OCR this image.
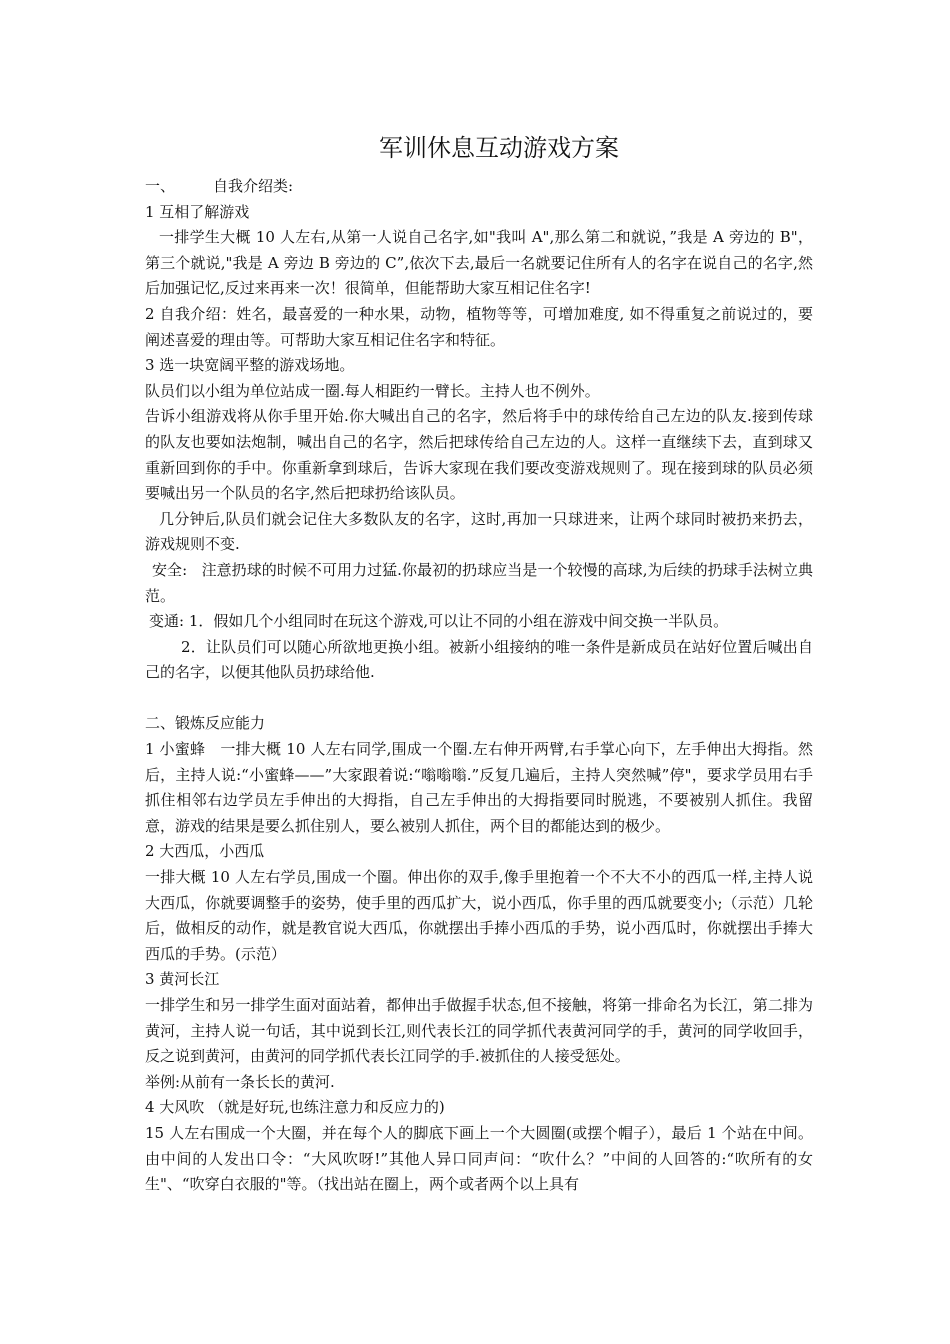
军训休息互动游戏方案
一、	自我介绍类:

1 互相了解游戏

一排学生大概 10 人左右,从第一人说自己名字,如"我叫 A",那么第二和就说，”我是 A 旁边的 B"，第三个就说,"我是 A 旁边 B 旁边的 C”,依次下去,最后一名就要记住所有人的名字在说自己的名字,然后加强记忆,反过来再来一次！很简单，但能帮助大家互相记住名字!

2 自我介绍：姓名，最喜爱的一种水果，动物，植物等等，可增加难度, 如不得重复之前说过的，要阐述喜爱的理由等。可帮助大家互相记住名字和特征。

3 选一块宽阔平整的游戏场地。

队员们以小组为单位站成一圈.每人相距约一臂长。主持人也不例外。

告诉小组游戏将从你手里开始.你大喊出自己的名字，然后将手中的球传给自己左边的队友.接到传球的队友也要如法炮制，喊出自己的名字，然后把球传给自己左边的人。这样一直继续下去，直到球又重新回到你的手中。你重新拿到球后，告诉大家现在我们要改变游戏规则了。现在接到球的队员必须要喊出另一个队员的名字,然后把球扔给该队员。

几分钟后,队员们就会记住大多数队友的名字，这时,再加一只球进来，让两个球同时被扔来扔去，游戏规则不变.

安全:   注意扔球的时候不可用力过猛.你最初的扔球应当是一个较慢的高球,为后续的扔球手法树立典范。

变通: 1．假如几个小组同时在玩这个游戏,可以让不同的小组在游戏中间交换一半队员。

2．让队员们可以随心所欲地更换小组。被新小组接纳的唯一条件是新成员在站好位置后喊出自己的名字，以便其他队员扔球给他.

二、锻炼反应能力

1 小蜜蜂   一排大概 10 人左右同学,围成一个圈.左右伸开两臂,右手掌心向下，左手伸出大拇指。然后，主持人说:“小蜜蜂——”大家跟着说:“嗡嗡嗡.”反复几遍后，主持人突然喊”停"，要求学员用右手抓住相邻右边学员左手伸出的大拇指，自己左手伸出的大拇指要同时脱逃，不要被别人抓住。我留意，游戏的结果是要么抓住别人，要么被别人抓住，两个目的都能达到的极少。

2 大西瓜，小西瓜

一排大概 10 人左右学员,围成一个圈。伸出你的双手,像手里抱着一个不大不小的西瓜一样,主持人说大西瓜，你就要调整手的姿势，使手里的西瓜扩大，说小西瓜，你手里的西瓜就要变小;（示范）几轮后，做相反的动作，就是教官说大西瓜，你就摆出手捧小西瓜的手势，说小西瓜时，你就摆出手捧大西瓜的手势。(示范）

3 黄河长江

一排学生和另一排学生面对面站着，都伸出手做握手状态,但不接触，将第一排命名为长江，第二排为黄河，主持人说一句话，其中说到长江,则代表长江的同学抓代表黄河同学的手，黄河的同学收回手，反之说到黄河，由黄河的同学抓代表长江同学的手.被抓住的人接受惩处。

举例:从前有一条长长的黄河.

4 大风吹 （就是好玩,也练注意力和反应力的)

15 人左右围成一个大圈，并在每个人的脚底下画上一个大圆圈(或摆个帽子），最后 1 个站在中间。由中间的人发出口令：“大风吹呀!”其他人异口同声问：“吹什么？”中间的人回答的:“吹所有的女生"、“吹穿白衣服的"等。（找出站在圈上，两个或者两个以上具有
